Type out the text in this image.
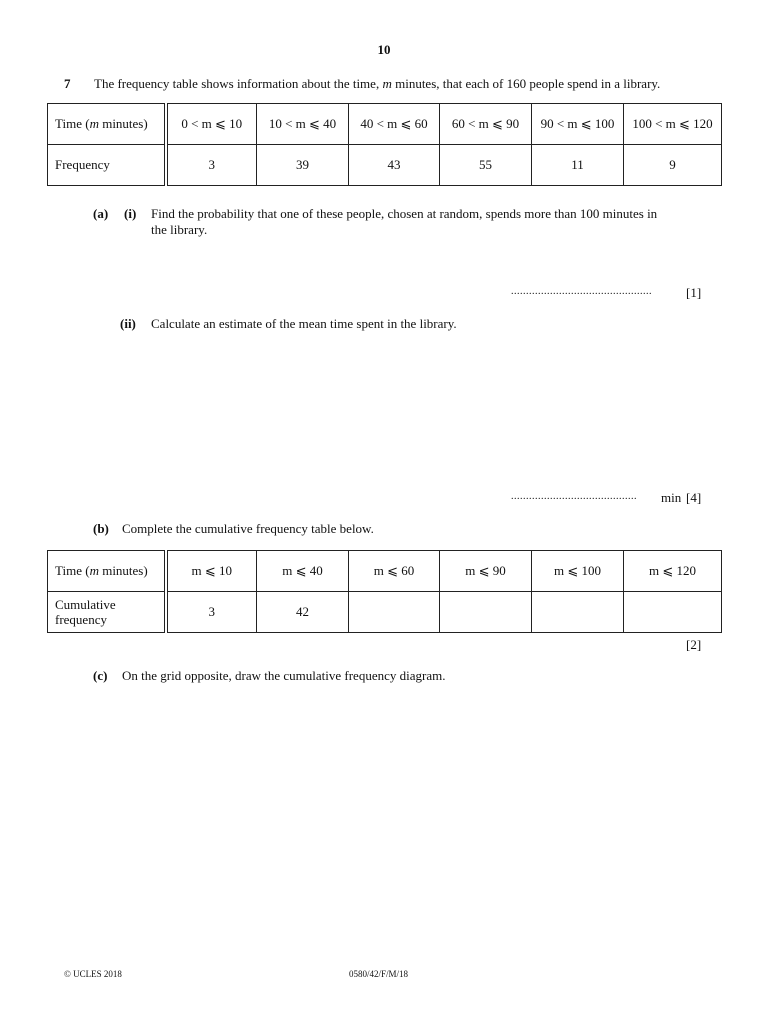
10
7 The frequency table shows information about the time, m minutes, that each of 160 people spend in a library.
Time (m minutes)	0 < m ⩽ 10	10 < m ⩽ 40	40 < m ⩽ 60	60 < m ⩽ 90	90 < m ⩽ 100	100 < m ⩽ 120
Frequency	3	39	43	55	11	9
(a) (i) Find the probability that one of these people, chosen at random, spends more than 100 minutes in
the library.
...............................................	[1]
(ii) Calculate an estimate of the mean time spent in the library.
.......................................... min [4]
(b) Complete the cumulative frequency table below.
Time (m minutes)	m ⩽ 10	m ⩽ 40	m ⩽ 60	m ⩽ 90	m ⩽ 100	m ⩽ 120
Cumulative frequency	3	42				
[2]
(c) On the grid opposite, draw the cumulative frequency diagram.
© UCLES 2018	0580/42/F/M/18
